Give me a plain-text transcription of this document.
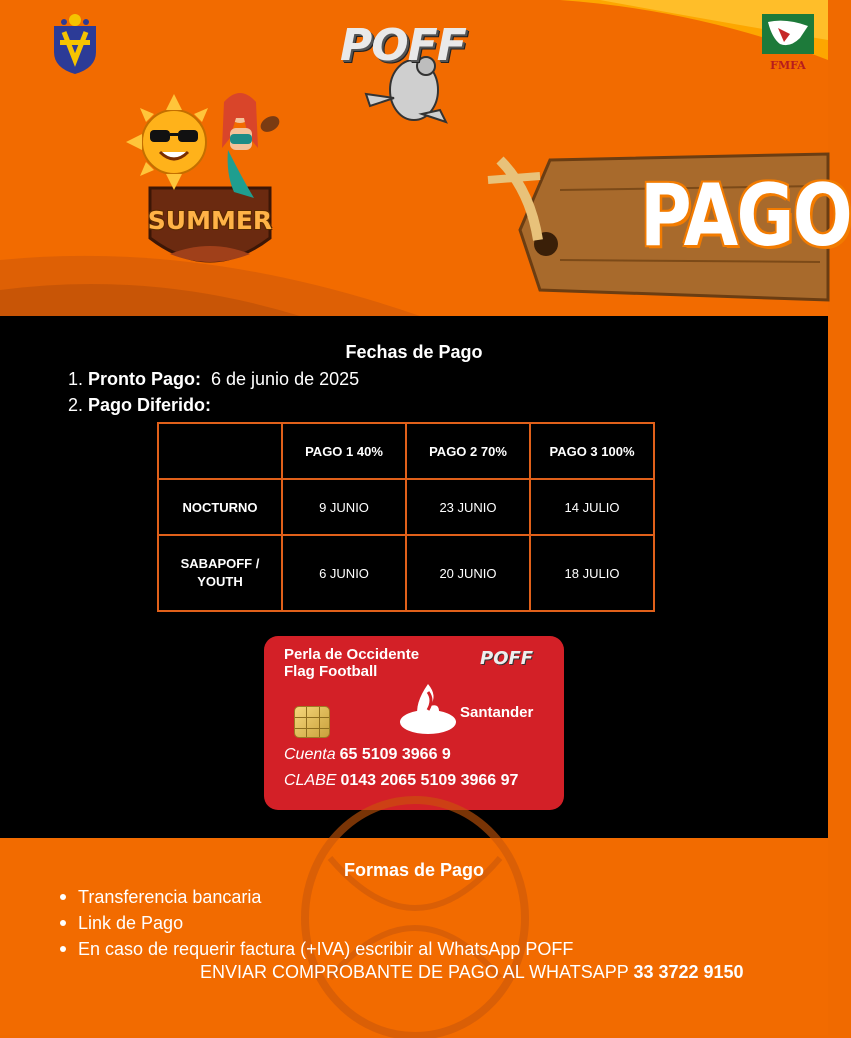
POFF	FMFA
SUMMER	PAGO
Fechas de Pago
1. Pronto Pago: 6 de junio de 2025
2. Pago Diferido:
	PAGO 1 40%	PAGO 2 70%	PAGO 3 100%
NOCTURNO	9 JUNIO	23 JUNIO	14 JULIO
SABAPOFF / YOUTH	6 JUNIO	20 JUNIO	18 JULIO
Perla de Occidente
Flag Football
POFF
Santander
Cuenta 65 5109 3966 9
CLABE 0143 2065 5109 3966 97
Formas de Pago
Transferencia bancaria
Link de Pago
En caso de requerir factura (+IVA) escribir al WhatsApp POFF
ENVIAR COMPROBANTE DE PAGO AL WHATSAPP 33 3722 9150
